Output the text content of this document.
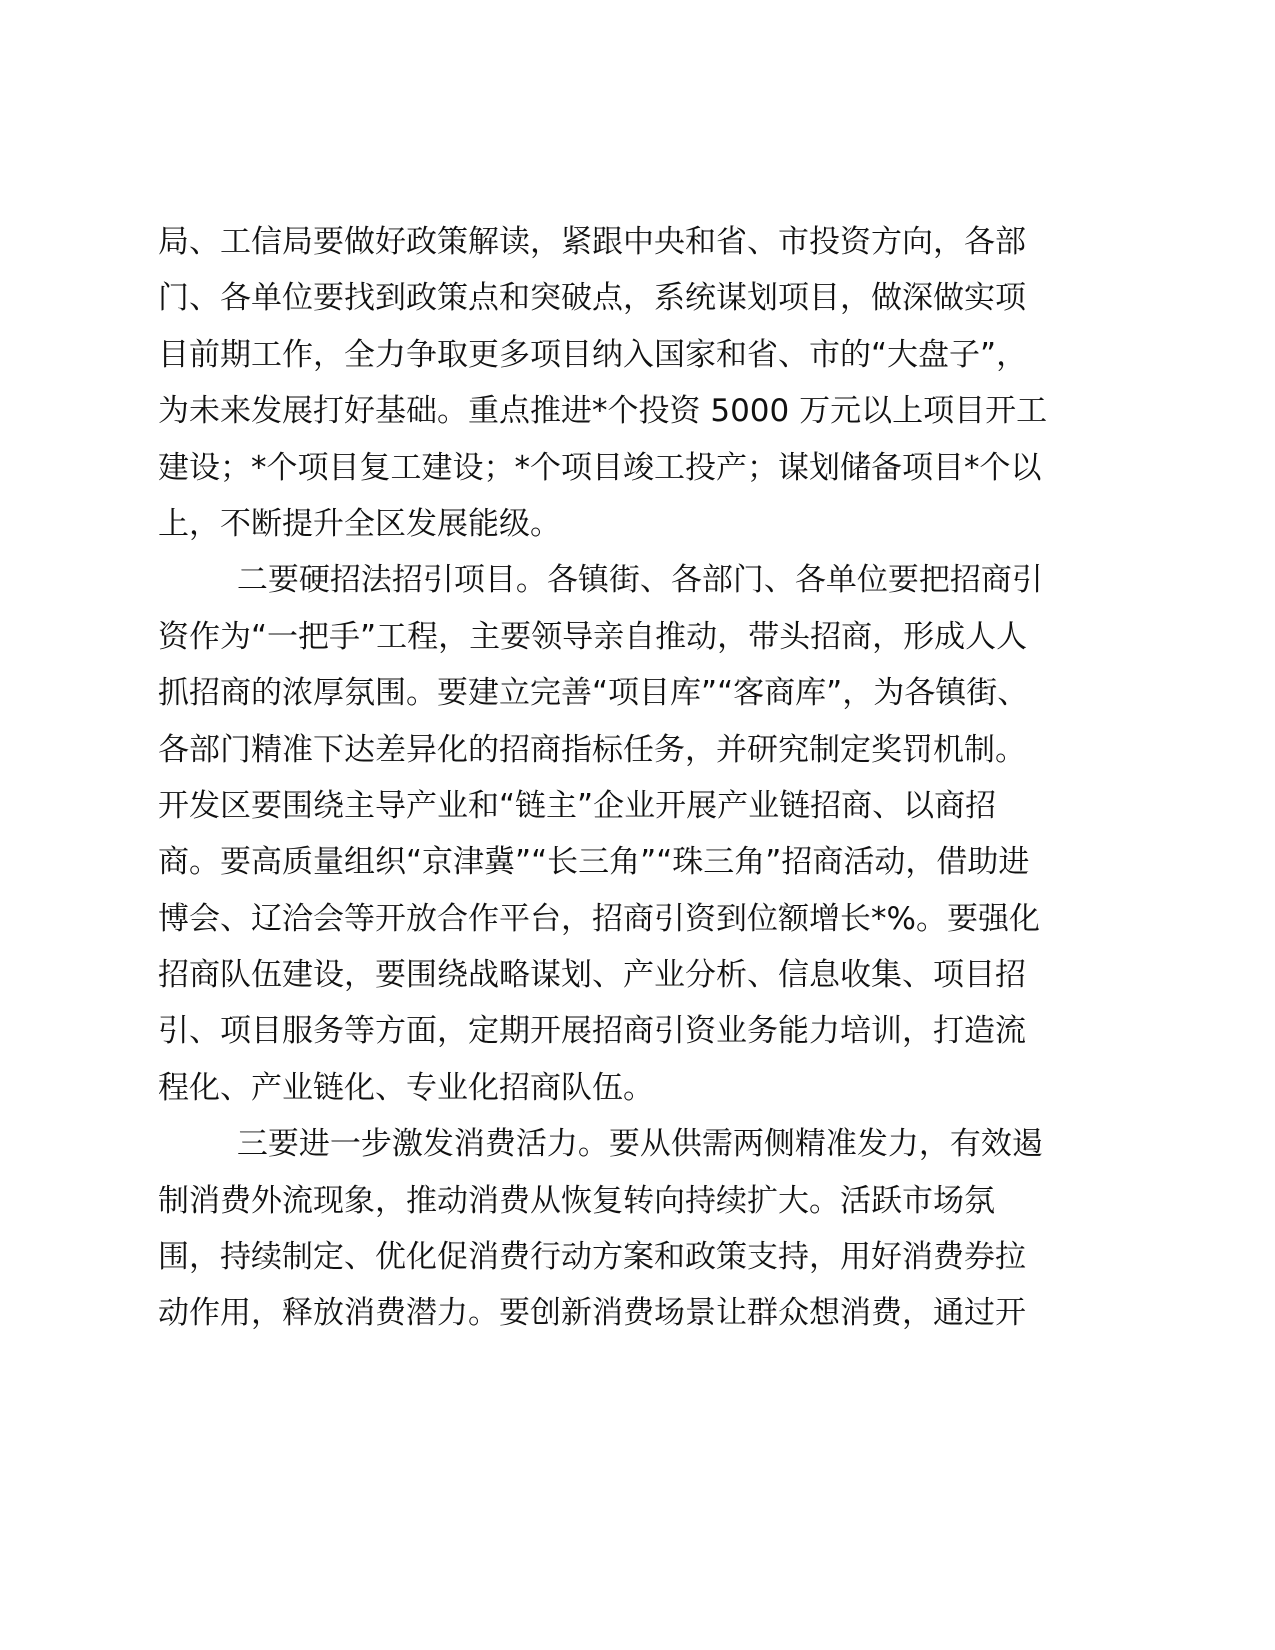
局、工信局要做好政策解读，紧跟中央和省、市投资方向，各部
门、各单位要找到政策点和突破点，系统谋划项目，做深做实项
目前期工作，全力争取更多项目纳入国家和省、市的“大盘子”，
为未来发展打好基础。重点推进*个投资 5000 万元以上项目开工
建设；*个项目复工建设；*个项目竣工投产；谋划储备项目*个以
上，不断提升全区发展能级。
二要硬招法招引项目。各镇街、各部门、各单位要把招商引
资作为“一把手”工程，主要领导亲自推动，带头招商，形成人人
抓招商的浓厚氛围。要建立完善“项目库”“客商库”，为各镇街、
各部门精准下达差异化的招商指标任务，并研究制定奖罚机制。
开发区要围绕主导产业和“链主”企业开展产业链招商、以商招
商。要高质量组织“京津冀”“长三角”“珠三角”招商活动，借助进
博会、辽洽会等开放合作平台，招商引资到位额增长*%。要强化
招商队伍建设，要围绕战略谋划、产业分析、信息收集、项目招
引、项目服务等方面，定期开展招商引资业务能力培训，打造流
程化、产业链化、专业化招商队伍。
三要进一步激发消费活力。要从供需两侧精准发力，有效遏
制消费外流现象，推动消费从恢复转向持续扩大。活跃市场氛
围，持续制定、优化促消费行动方案和政策支持，用好消费券拉
动作用，释放消费潜力。要创新消费场景让群众想消费，通过开
